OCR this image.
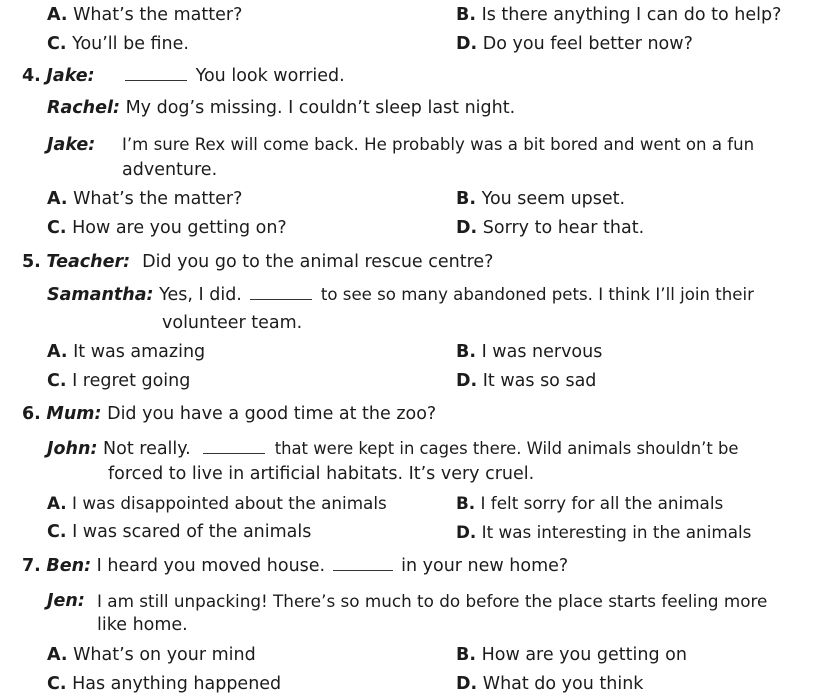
A. What’s the matter?	B. Is there anything I can do to help?
C. You’ll be fine.	D. Do you feel better now?
4. Jake:	You look worried.
Rachel: My dog’s missing. I couldn’t sleep last night.
Jake: I’m sure Rex will come back. He probably was a bit bored and went on a fun
adventure.
A. What’s the matter?	B. You seem upset.
C. How are you getting on?	D. Sorry to hear that.
5. Teacher: Did you go to the animal rescue centre?
Samantha: Yes, I did.	to see so many abandoned pets. I think I’ll join their
volunteer team.
A. It was amazing	B. I was nervous
C. I regret going	D. It was so sad
6. Mum: Did you have a good time at the zoo?
John: Not really.	that were kept in cages there. Wild animals shouldn’t be
forced to live in artificial habitats. It’s very cruel.
A. I was disappointed about the animals	B. I felt sorry for all the animals
C. I was scared of the animals	D. It was interesting in the animals
7. Ben: I heard you moved house.	in your new home?
Jen: I am still unpacking! There’s so much to do before the place starts feeling more
like home.
A. What’s on your mind	B. How are you getting on
C. Has anything happened	D. What do you think
